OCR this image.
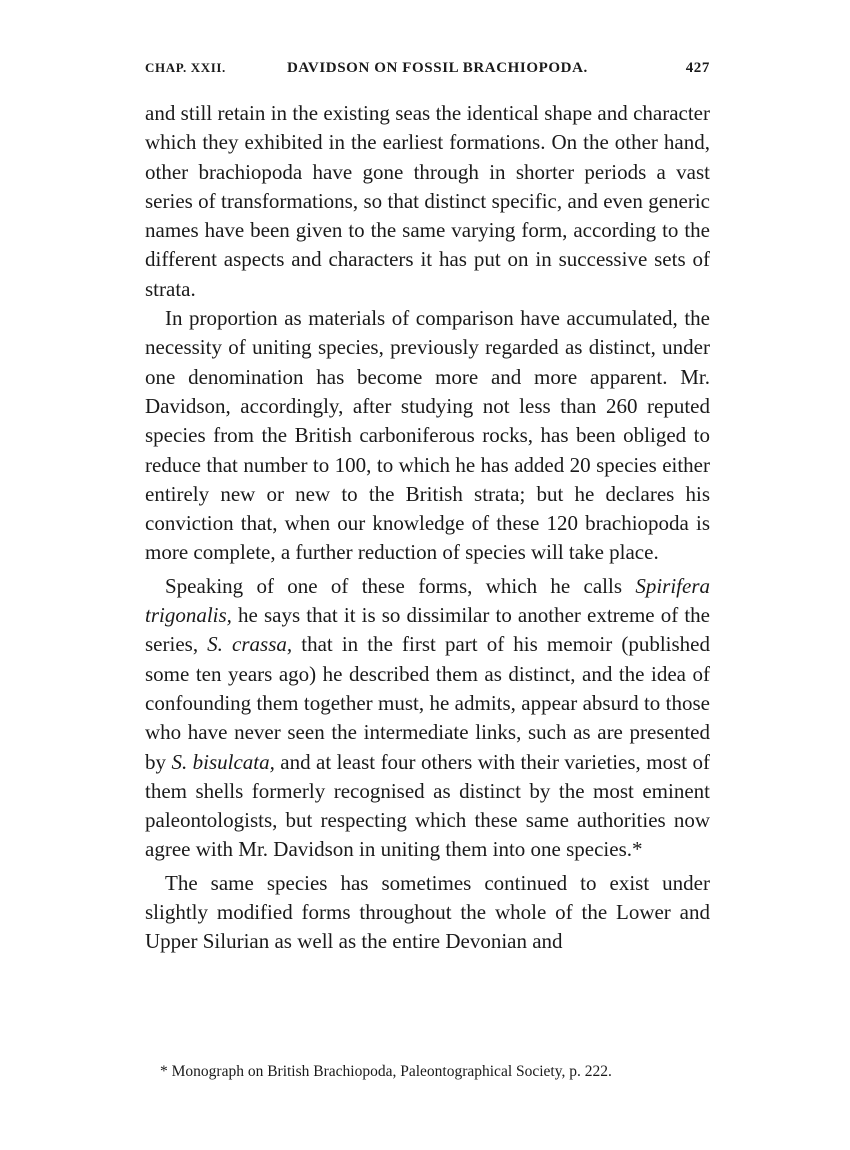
CHAP. XXII.	DAVIDSON ON FOSSIL BRACHIOPODA.	427

and still retain in the existing seas the identical shape and character which they exhibited in the earliest formations. On the other hand, other brachiopoda have gone through in shorter periods a vast series of transformations, so that distinct specific, and even generic names have been given to the same varying form, according to the different aspects and characters it has put on in successive sets of strata.

In proportion as materials of comparison have accumulated, the necessity of uniting species, previously regarded as distinct, under one denomination has become more and more apparent. Mr. Davidson, accordingly, after studying not less than 260 reputed species from the British carboniferous rocks, has been obliged to reduce that number to 100, to which he has added 20 species either entirely new or new to the British strata; but he declares his conviction that, when our knowledge of these 120 brachiopoda is more complete, a further reduction of species will take place.

Speaking of one of these forms, which he calls Spirifera trigonalis, he says that it is so dissimilar to another extreme of the series, S. crassa, that in the first part of his memoir (published some ten years ago) he described them as distinct, and the idea of confounding them together must, he admits, appear absurd to those who have never seen the intermediate links, such as are presented by S. bisulcata, and at least four others with their varieties, most of them shells formerly recognised as distinct by the most eminent paleontologists, but respecting which these same authorities now agree with Mr. Davidson in uniting them into one species.*

The same species has sometimes continued to exist under slightly modified forms throughout the whole of the Lower and Upper Silurian as well as the entire Devonian and

* Monograph on British Brachiopoda, Paleontographical Society, p. 222.
